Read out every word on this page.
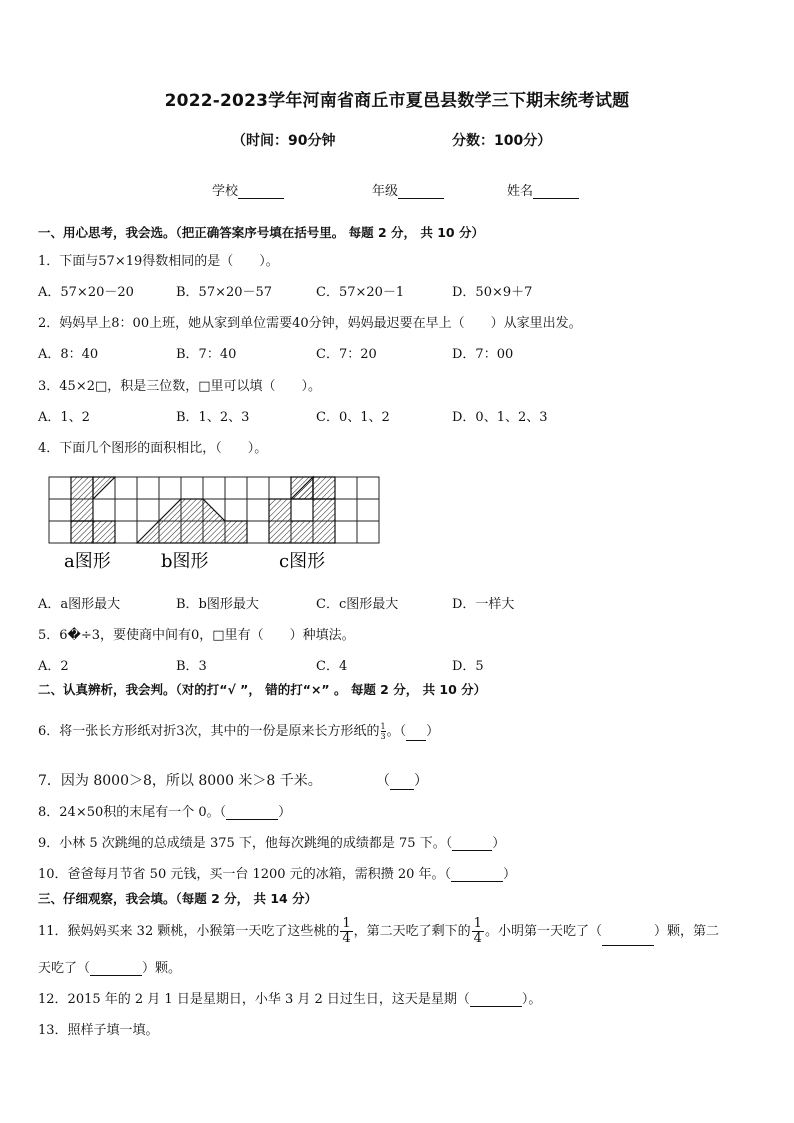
2022-2023学年河南省商丘市夏邑县数学三下期末统考试题
（时间：90分钟	分数：100分）
学校	年级	姓名
一、用心思考，我会选。（把正确答案序号填在括号里。 每题 2 分， 共 10 分）
1．下面与57×19得数相同的是（　　）。
A．57×20－20	B．57×20－57	C．57×20－1	D．50×9＋7
2．妈妈早上8：00上班，她从家到单位需要40分钟，妈妈最迟要在早上（　　）从家里出发。
A．8：40	B．7：40	C．7：20	D．7：00
3．45×2□，积是三位数，□里可以填（　　）。
A．1、2	B．1、2、3	C．0、1、2	D．0、1、2、3
4．下面几个图形的面积相比，（　　）。
a图形	b图形	c图形
A．a图形最大	B．b图形最大	C．c图形最大	D．一样大
5．6�÷3，要使商中间有0，□里有（　　）种填法。
A．2	B．3	C．4	D．5
二、认真辨析，我会判。（对的打“√ ”， 错的打“×” 。 每题 2 分， 共 10 分）
6．将一张长方形纸对折3次，其中的一份是原来长方形纸的 $\frac{1}{3}$ 。（ ）
7．因为 8000＞8，所以 8000 米＞8 千米。	（ ）
8．24×50积的末尾有一个 0。（	）
9．小林 5 次跳绳的总成绩是 375 下，他每次跳绳的成绩都是 75 下。（	）
10．爸爸每月节省 50 元钱，买一台 1200 元的冰箱，需积攒 20 年。（	）
三、仔细观察，我会填。（每题 2 分， 共 14 分）
11．猴妈妈买来 32 颗桃，小猴第一天吃了这些桃的 $\frac{1}{4}$ ，第二天吃了剩下的 $\frac{1}{4}$ 。小明第一天吃了（	）颗，第二
天吃了（	）颗。
12．2015 年的 2 月 1 日是星期日，小华 3 月 2 日过生日，这天是星期（	）。
13．照样子填一填。
